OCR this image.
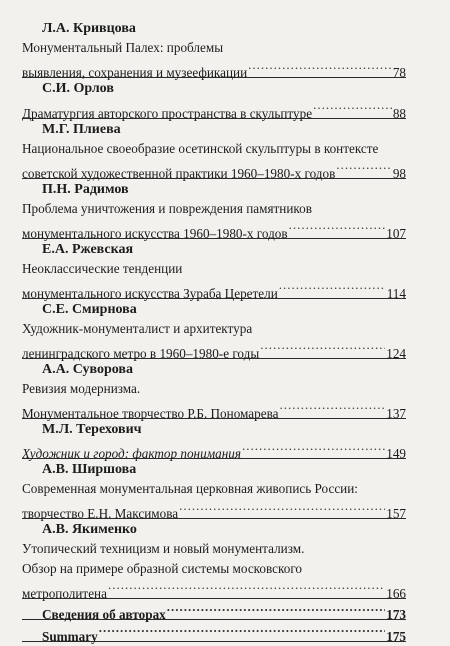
Л.А. Кривцова
Монументальный Палех: проблемы
выявления, сохранения и музеефикации .....	78
С.И. Орлов
Драматургия авторского пространства в скульптуре .....	88
М.Г. Плиева
Национальное своеобразие осетинской скульптуры в контексте
советской художественной практики 1960–1980-х годов .....	98
П.Н. Радимов
Проблема уничтожения и повреждения памятников
монументального искусства 1960–1980-х годов .....	107
Е.А. Ржевская
Неоклассические тенденции
монументального искусства Зураба Церетели .....	114
С.Е. Смирнова
Художник-монументалист и архитектура
ленинградского метро в 1960–1980-е годы .....	124
А.А. Суворова
Ревизия модернизма.
Монументальное творчество Р.Б. Пономарева .....	137
М.Л. Терехович
Художник и город: фактор понимания .....	149
А.В. Ширшова
Современная монументальная церковная живопись России:
творчество Е.Н. Максимова .....	157
А.В. Якименко
Утопический техницизм и новый монументализм.
Обзор на примере образной системы московского
метрополитена .....	166
Сведения об авторах .....	173
Summary .....	175
